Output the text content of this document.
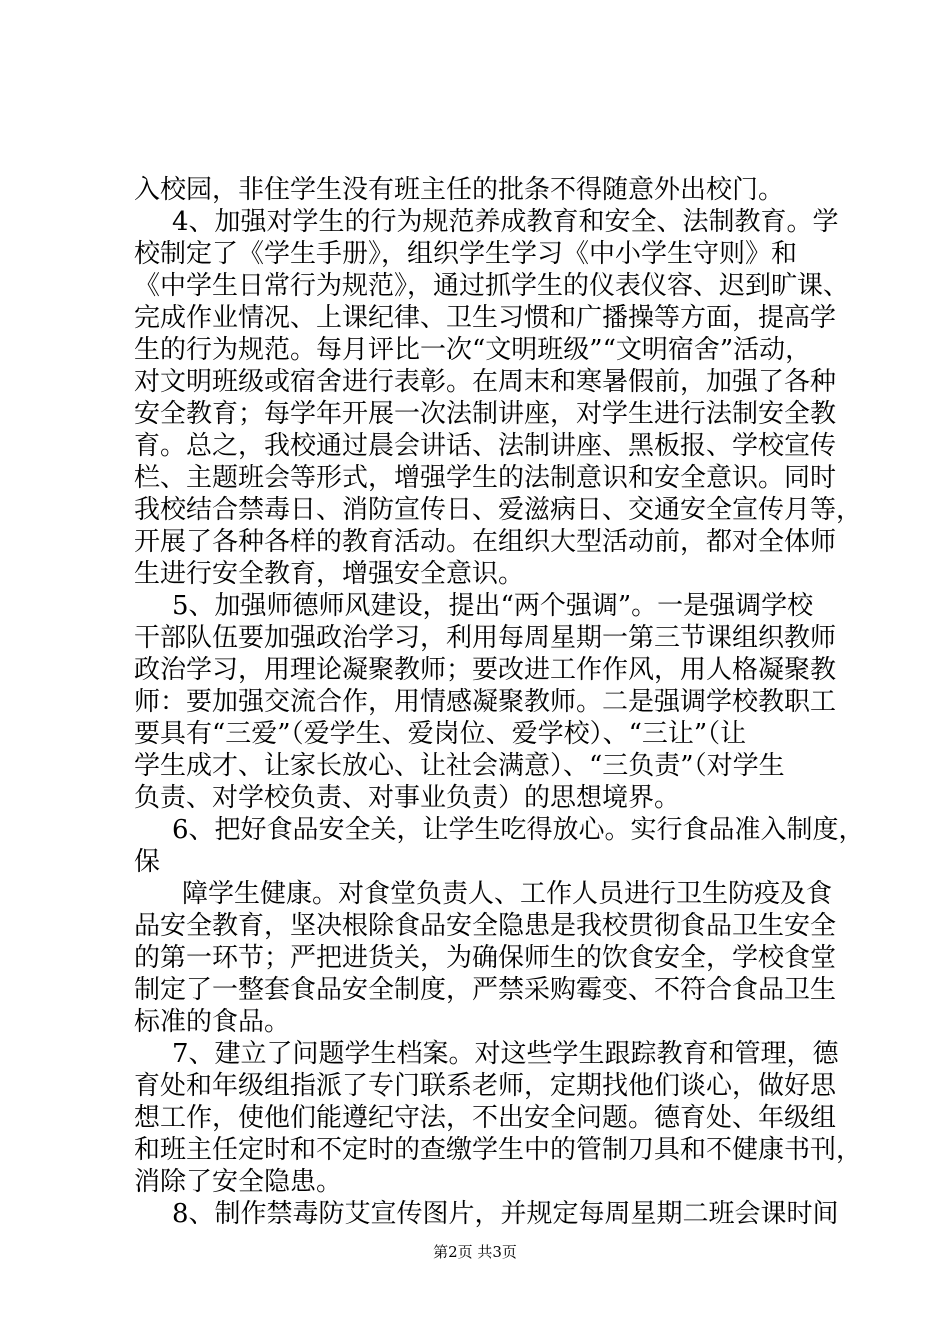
入校园，非住学生没有班主任的批条不得随意外出校门。
4、加强对学生的行为规范养成教育和安全、法制教育。学
校制定了《学生手册》，组织学生学习《中小学生守则》和
《中学生日常行为规范》，通过抓学生的仪表仪容、迟到旷课、
完成作业情况、上课纪律、卫生习惯和广播操等方面，提高学
生的行为规范。每月评比一次“文明班级”“文明宿舍”活动，
对文明班级或宿舍进行表彰。在周末和寒暑假前，加强了各种
安全教育；每学年开展一次法制讲座，对学生进行法制安全教
育。总之，我校通过晨会讲话、法制讲座、黑板报、学校宣传
栏、主题班会等形式，增强学生的法制意识和安全意识。同时
我校结合禁毒日、消防宣传日、爱滋病日、交通安全宣传月等，
开展了各种各样的教育活动。在组织大型活动前，都对全体师
生进行安全教育，增强安全意识。
5、加强师德师风建设，提出“两个强调”。一是强调学校
干部队伍要加强政治学习，利用每周星期一第三节课组织教师
政治学习，用理论凝聚教师；要改进工作作风，用人格凝聚教
师：要加强交流合作，用情感凝聚教师。二是强调学校教职工
要具有“三爱”（爱学生、爱岗位、爱学校）、“三让”（让
学生成才、让家长放心、让社会满意）、“三负责”（对学生
负责、对学校负责、对事业负责）的思想境界。
6、把好食品安全关，让学生吃得放心。实行食品准入制度，
保
障学生健康。对食堂负责人、工作人员进行卫生防疫及食
品安全教育，坚决根除食品安全隐患是我校贯彻食品卫生安全
的第一环节；严把进货关，为确保师生的饮食安全，学校食堂
制定了一整套食品安全制度，严禁采购霉变、不符合食品卫生
标准的食品。
7、建立了问题学生档案。对这些学生跟踪教育和管理，德
育处和年级组指派了专门联系老师，定期找他们谈心，做好思
想工作，使他们能遵纪守法，不出安全问题。德育处、年级组
和班主任定时和不定时的查缴学生中的管制刀具和不健康书刊，
消除了安全隐患。
8、制作禁毒防艾宣传图片，并规定每周星期二班会课时间
第2页 共3页
